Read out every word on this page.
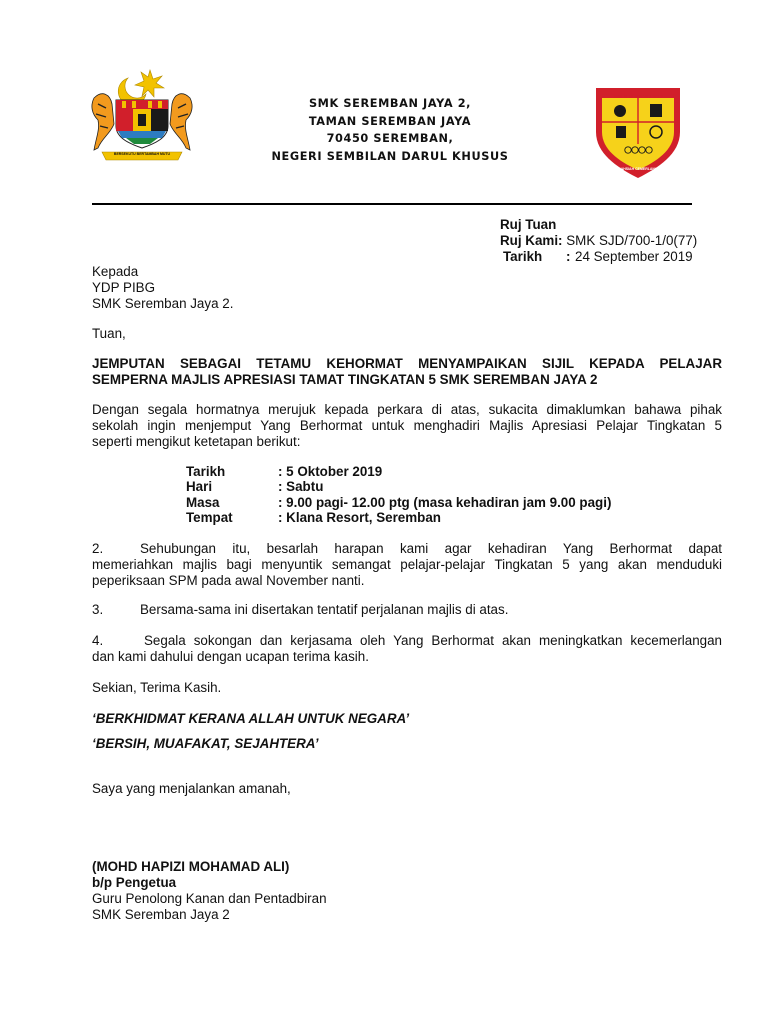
BERSEKUTU BERTAMBAH MUTU
SMK SEREMBAN JAYA 2,
TAMAN SEREMBAN JAYA
70450 SEREMBAN,
NEGERI SEMBILAN DARUL KHUSUS
SMK SEREMBAN JAYA 2
SAHSIAH CEMERLANG
Ruj Tuan
Ruj Kami: SMK SJD/700-1/0(77)
Tarikh : 24 September 2019
Kepada
YDP PIBG
SMK Seremban Jaya 2.
Tuan,
JEMPUTAN SEBAGAI TETAMU KEHORMAT MENYAMPAIKAN SIJIL KEPADA PELAJAR
SEMPERNA MAJLIS APRESIASI TAMAT TINGKATAN 5 SMK SEREMBAN JAYA 2
Dengan segala hormatnya merujuk kepada perkara di atas, sukacita dimaklumkan bahawa pihak
sekolah ingin menjemput Yang Berhormat untuk menghadiri Majlis Apresiasi Pelajar Tingkatan 5
seperti mengikut ketetapan berikut:
Tarikh	: 5 Oktober 2019
Hari	: Sabtu
Masa	: 9.00 pagi- 12.00 ptg (masa kehadiran jam 9.00 pagi)
Tempat	: Klana Resort, Seremban
2.	Sehubungan itu, besarlah harapan kami agar kehadiran Yang Berhormat dapat
memeriahkan majlis bagi menyuntik semangat pelajar-pelajar Tingkatan 5 yang akan menduduki
peperiksaan SPM pada awal November nanti.
3.	Bersama-sama ini disertakan tentatif perjalanan majlis di atas.
4.	Segala sokongan dan kerjasama oleh Yang Berhormat akan meningkatkan kecemerlangan
dan kami dahului dengan ucapan terima kasih.
Sekian, Terima Kasih.
‘BERKHIDMAT KERANA ALLAH UNTUK NEGARA’
‘BERSIH, MUAFAKAT, SEJAHTERA’
Saya yang menjalankan amanah,
(MOHD HAPIZI MOHAMAD ALI)
b/p Pengetua
Guru Penolong Kanan dan Pentadbiran
SMK Seremban Jaya 2
